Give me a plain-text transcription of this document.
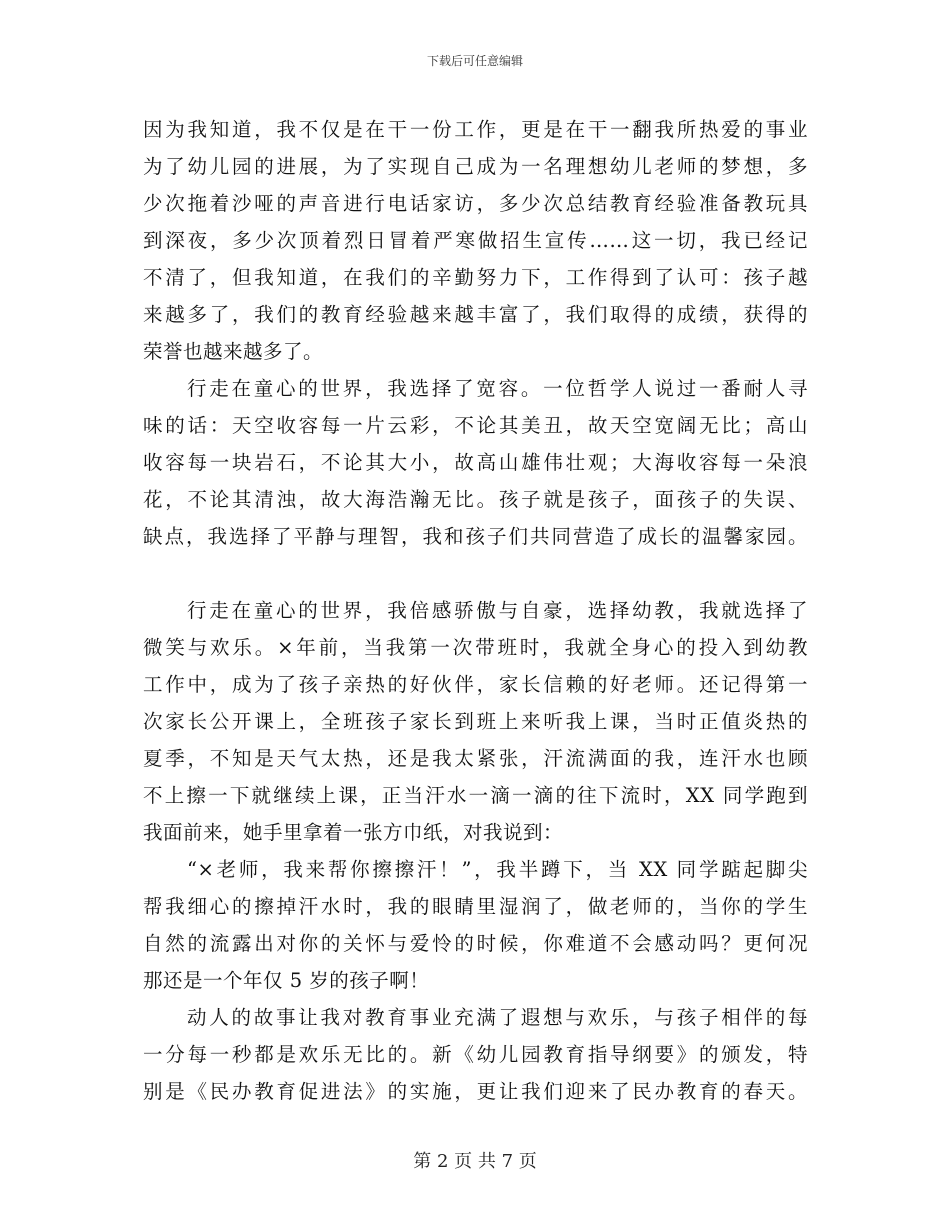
下载后可任意编辑
因为我知道，我不仅是在干一份工作，更是在干一翻我所热爱的事业
为了幼儿园的进展，为了实现自己成为一名理想幼儿老师的梦想，多
少次拖着沙哑的声音进行电话家访，多少次总结教育经验准备教玩具
到深夜，多少次顶着烈日冒着严寒做招生宣传……这一切，我已经记
不清了，但我知道，在我们的辛勤努力下，工作得到了认可：孩子越
来越多了，我们的教育经验越来越丰富了，我们取得的成绩，获得的
荣誉也越来越多了。
行走在童心的世界，我选择了宽容。一位哲学人说过一番耐人寻
味的话：天空收容每一片云彩，不论其美丑，故天空宽阔无比；高山
收容每一块岩石，不论其大小，故高山雄伟壮观；大海收容每一朵浪
花，不论其清浊，故大海浩瀚无比。孩子就是孩子，面孩子的失误、
缺点，我选择了平静与理智，我和孩子们共同营造了成长的温馨家园。
行走在童心的世界，我倍感骄傲与自豪，选择幼教，我就选择了
微笑与欢乐。×年前，当我第一次带班时，我就全身心的投入到幼教
工作中，成为了孩子亲热的好伙伴，家长信赖的好老师。还记得第一
次家长公开课上，全班孩子家长到班上来听我上课，当时正值炎热的
夏季，不知是天气太热，还是我太紧张，汗流满面的我，连汗水也顾
不上擦一下就继续上课，正当汗水一滴一滴的往下流时，XX 同学跑到
我面前来，她手里拿着一张方巾纸，对我说到：
“×老师，我来帮你擦擦汗！”，我半蹲下，当 XX 同学踮起脚尖
帮我细心的擦掉汗水时，我的眼睛里湿润了，做老师的，当你的学生
自然的流露出对你的关怀与爱怜的时候，你难道不会感动吗？更何况
那还是一个年仅 5 岁的孩子啊！
动人的故事让我对教育事业充满了遐想与欢乐，与孩子相伴的每
一分每一秒都是欢乐无比的。新《幼儿园教育指导纲要》的颁发，特
别是《民办教育促进法》的实施，更让我们迎来了民办教育的春天。
第 2 页 共 7 页
